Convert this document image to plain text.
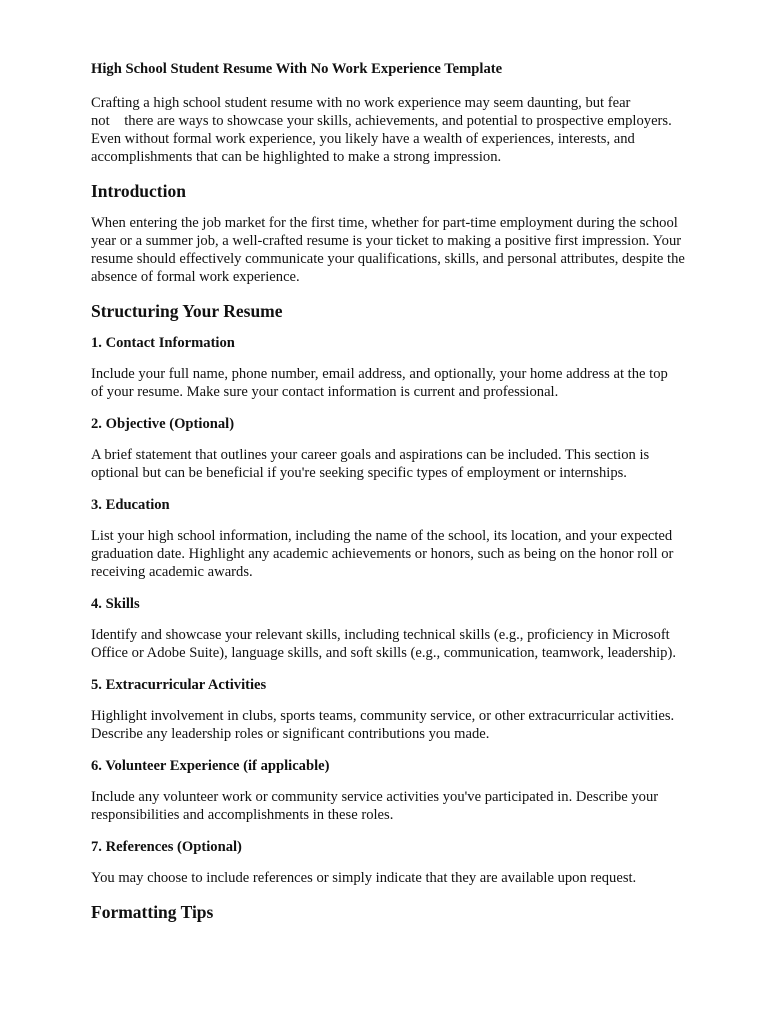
High School Student Resume With No Work Experience Template
Crafting a high school student resume with no work experience may seem daunting, but fear
not    there are ways to showcase your skills, achievements, and potential to prospective employers.
Even without formal work experience, you likely have a wealth of experiences, interests, and
accomplishments that can be highlighted to make a strong impression.
Introduction
When entering the job market for the first time, whether for part-time employment during the school
year or a summer job, a well-crafted resume is your ticket to making a positive first impression. Your
resume should effectively communicate your qualifications, skills, and personal attributes, despite the
absence of formal work experience.
Structuring Your Resume
1. Contact Information
Include your full name, phone number, email address, and optionally, your home address at the top
of your resume. Make sure your contact information is current and professional.
2. Objective (Optional)
A brief statement that outlines your career goals and aspirations can be included. This section is
optional but can be beneficial if you're seeking specific types of employment or internships.
3. Education
List your high school information, including the name of the school, its location, and your expected
graduation date. Highlight any academic achievements or honors, such as being on the honor roll or
receiving academic awards.
4. Skills
Identify and showcase your relevant skills, including technical skills (e.g., proficiency in Microsoft
Office or Adobe Suite), language skills, and soft skills (e.g., communication, teamwork, leadership).
5. Extracurricular Activities
Highlight involvement in clubs, sports teams, community service, or other extracurricular activities.
Describe any leadership roles or significant contributions you made.
6. Volunteer Experience (if applicable)
Include any volunteer work or community service activities you've participated in. Describe your
responsibilities and accomplishments in these roles.
7. References (Optional)
You may choose to include references or simply indicate that they are available upon request.
Formatting Tips
